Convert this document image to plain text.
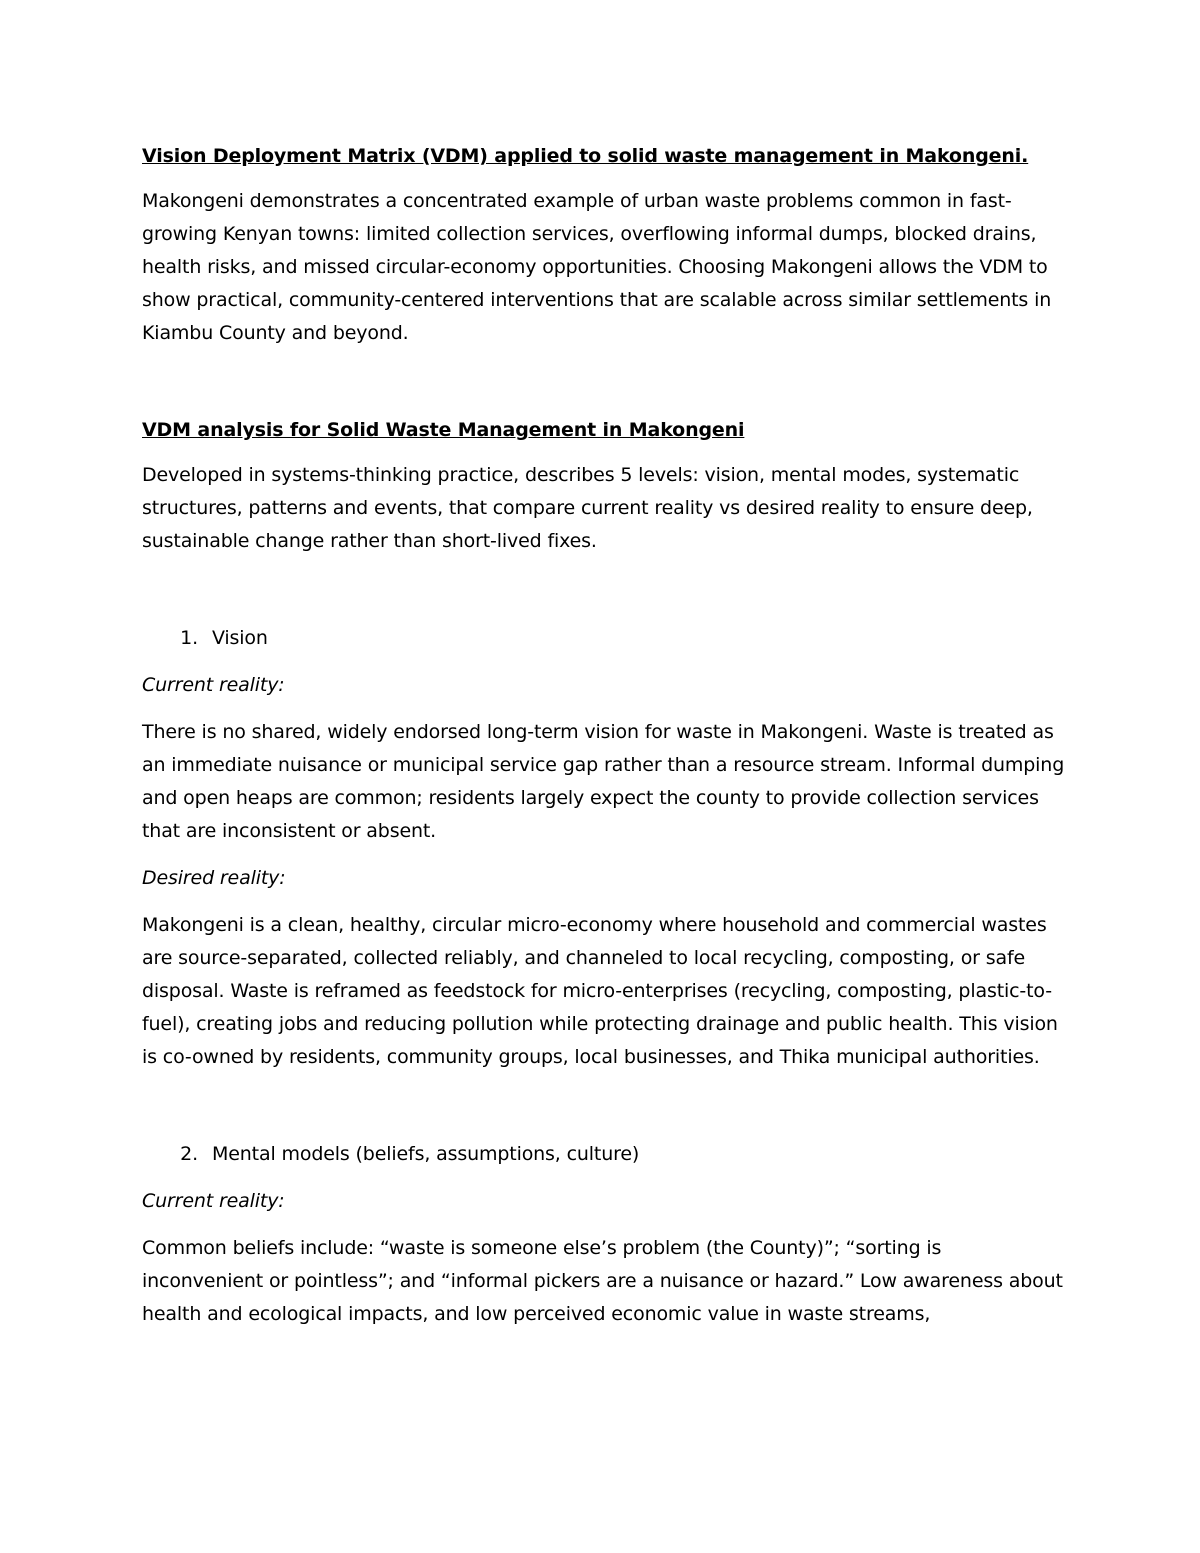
Vision Deployment Matrix (VDM) applied to solid waste management in Makongeni.

Makongeni demonstrates a concentrated example of urban waste problems common in fast-growing Kenyan towns: limited collection services, overflowing informal dumps, blocked drains, health risks, and missed circular-economy opportunities. Choosing Makongeni allows the VDM to show practical, community-centered interventions that are scalable across similar settlements in Kiambu County and beyond.

VDM analysis for Solid Waste Management in Makongeni

Developed in systems-thinking practice, describes 5 levels: vision, mental modes, systematic structures, patterns and events, that compare current reality vs desired reality to ensure deep, sustainable change rather than short-lived fixes.

1. Vision

Current reality:

There is no shared, widely endorsed long-term vision for waste in Makongeni. Waste is treated as an immediate nuisance or municipal service gap rather than a resource stream. Informal dumping and open heaps are common; residents largely expect the county to provide collection services that are inconsistent or absent.

Desired reality:

Makongeni is a clean, healthy, circular micro-economy where household and commercial wastes are source-separated, collected reliably, and channeled to local recycling, composting, or safe disposal. Waste is reframed as feedstock for micro-enterprises (recycling, composting, plastic-to-fuel), creating jobs and reducing pollution while protecting drainage and public health. This vision is co-owned by residents, community groups, local businesses, and Thika municipal authorities.

2. Mental models (beliefs, assumptions, culture)

Current reality:

Common beliefs include: “waste is someone else’s problem (the County)”; “sorting is inconvenient or pointless”; and “informal pickers are a nuisance or hazard.” Low awareness about health and ecological impacts, and low perceived economic value in waste streams,
